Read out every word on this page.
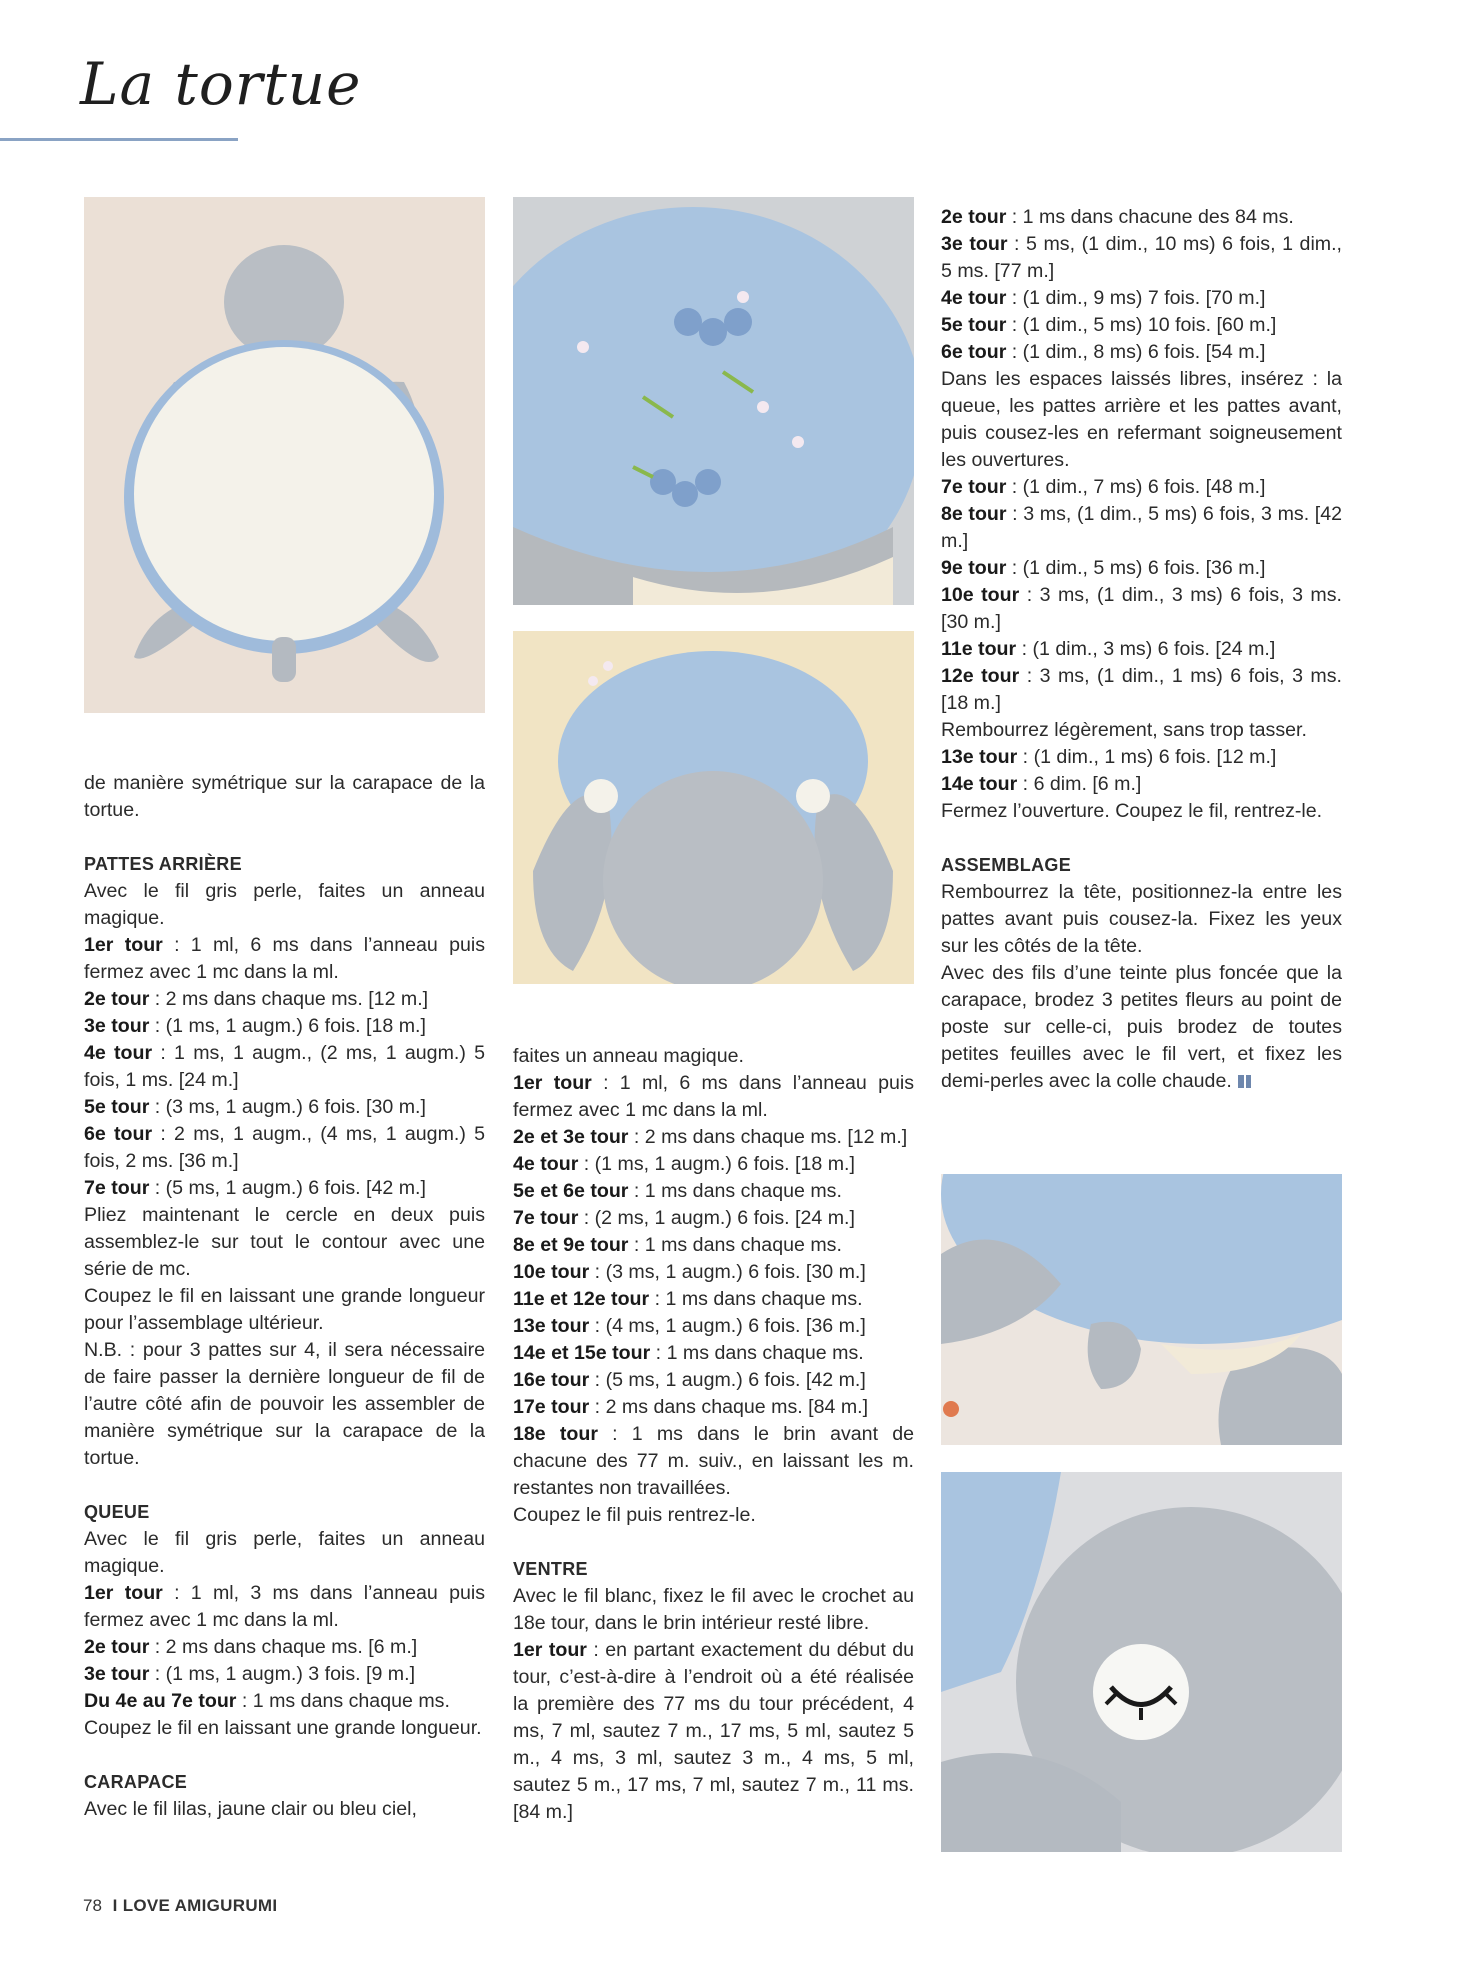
La tortue

de manière symétrique sur la carapace de la tortue.

PATTES ARRIÈRE

Avec le fil gris perle, faites un anneau magique.

1er tour : 1 ml, 6 ms dans l’anneau puis fermez avec 1 mc dans la ml.

2e tour : 2 ms dans chaque ms. [12 m.]

3e tour : (1 ms, 1 augm.) 6 fois. [18 m.]

4e tour : 1 ms, 1 augm., (2 ms, 1 augm.) 5 fois, 1 ms. [24 m.]

5e tour : (3 ms, 1 augm.) 6 fois. [30 m.]

6e tour : 2 ms, 1 augm., (4 ms, 1 augm.) 5 fois, 2 ms. [36 m.]

7e tour : (5 ms, 1 augm.) 6 fois. [42 m.]

Pliez maintenant le cercle en deux puis assemblez-le sur tout le contour avec une série de mc.

Coupez le fil en laissant une grande longueur pour l’assemblage ultérieur.

N.B. : pour 3 pattes sur 4, il sera nécessaire de faire passer la dernière longueur de fil de l’autre côté afin de pouvoir les assembler de manière symétrique sur la carapace de la tortue.

QUEUE

Avec le fil gris perle, faites un anneau magique.

1er tour : 1 ml, 3 ms dans l’anneau puis fermez avec 1 mc dans la ml.

2e tour : 2 ms dans chaque ms. [6 m.]

3e tour : (1 ms, 1 augm.) 3 fois. [9 m.]

Du 4e au 7e tour : 1 ms dans chaque ms.

Coupez le fil en laissant une grande longueur.

CARAPACE

Avec le fil lilas, jaune clair ou bleu ciel,

faites un anneau magique.

1er tour : 1 ml, 6 ms dans l’anneau puis fermez avec 1 mc dans la ml.

2e et 3e tour : 2 ms dans chaque ms. [12 m.]

4e tour : (1 ms, 1 augm.) 6 fois. [18 m.]

5e et 6e tour : 1 ms dans chaque ms.

7e tour : (2 ms, 1 augm.) 6 fois. [24 m.]

8e et 9e tour : 1 ms dans chaque ms.

10e tour : (3 ms, 1 augm.) 6 fois. [30 m.]

11e et 12e tour : 1 ms dans chaque ms.

13e tour : (4 ms, 1 augm.) 6 fois. [36 m.]

14e et 15e tour : 1 ms dans chaque ms.

16e tour : (5 ms, 1 augm.) 6 fois. [42 m.]

17e tour : 2 ms dans chaque ms. [84 m.]

18e tour : 1 ms dans le brin avant de chacune des 77 m. suiv., en laissant les m. restantes non travaillées.

Coupez le fil puis rentrez-le.

VENTRE

Avec le fil blanc, fixez le fil avec le crochet au 18e tour, dans le brin intérieur resté libre.

1er tour : en partant exactement du début du tour, c’est-à-dire à l’endroit où a été réalisée la première des 77 ms du tour précédent, 4 ms, 7 ml, sautez 7 m., 17 ms, 5 ml, sautez 5 m., 4 ms, 3 ml, sautez 3 m., 4 ms, 5 ml, sautez 5 m., 17 ms, 7 ml, sautez 7 m., 11 ms. [84 m.]

2e tour : 1 ms dans chacune des 84 ms.

3e tour : 5 ms, (1 dim., 10 ms) 6 fois, 1 dim., 5 ms. [77 m.]

4e tour : (1 dim., 9 ms) 7 fois. [70 m.]

5e tour : (1 dim., 5 ms) 10 fois. [60 m.]

6e tour : (1 dim., 8 ms) 6 fois. [54 m.]

Dans les espaces laissés libres, insérez : la queue, les pattes arrière et les pattes avant, puis cousez-les en refermant soigneusement les ouvertures.

7e tour : (1 dim., 7 ms) 6 fois. [48 m.]

8e tour : 3 ms, (1 dim., 5 ms) 6 fois, 3 ms. [42 m.]

9e tour : (1 dim., 5 ms) 6 fois. [36 m.]

10e tour : 3 ms, (1 dim., 3 ms) 6 fois, 3 ms. [30 m.]

11e tour : (1 dim., 3 ms) 6 fois. [24 m.]

12e tour : 3 ms, (1 dim., 1 ms) 6 fois, 3 ms. [18 m.]

Rembourrez légèrement, sans trop tasser.

13e tour : (1 dim., 1 ms) 6 fois. [12 m.]

14e tour : 6 dim. [6 m.]

Fermez l’ouverture. Coupez le fil, rentrez-le.

ASSEMBLAGE

Rembourrez la tête, positionnez-la entre les pattes avant puis cousez-la. Fixez les yeux sur les côtés de la tête.

Avec des fils d’une teinte plus foncée que la carapace, brodez 3 petites fleurs au point de poste sur celle-ci, puis brodez de toutes petites feuilles avec le fil vert, et fixez les demi-perles avec la colle chaude.

78 I LOVE AMIGURUMI
